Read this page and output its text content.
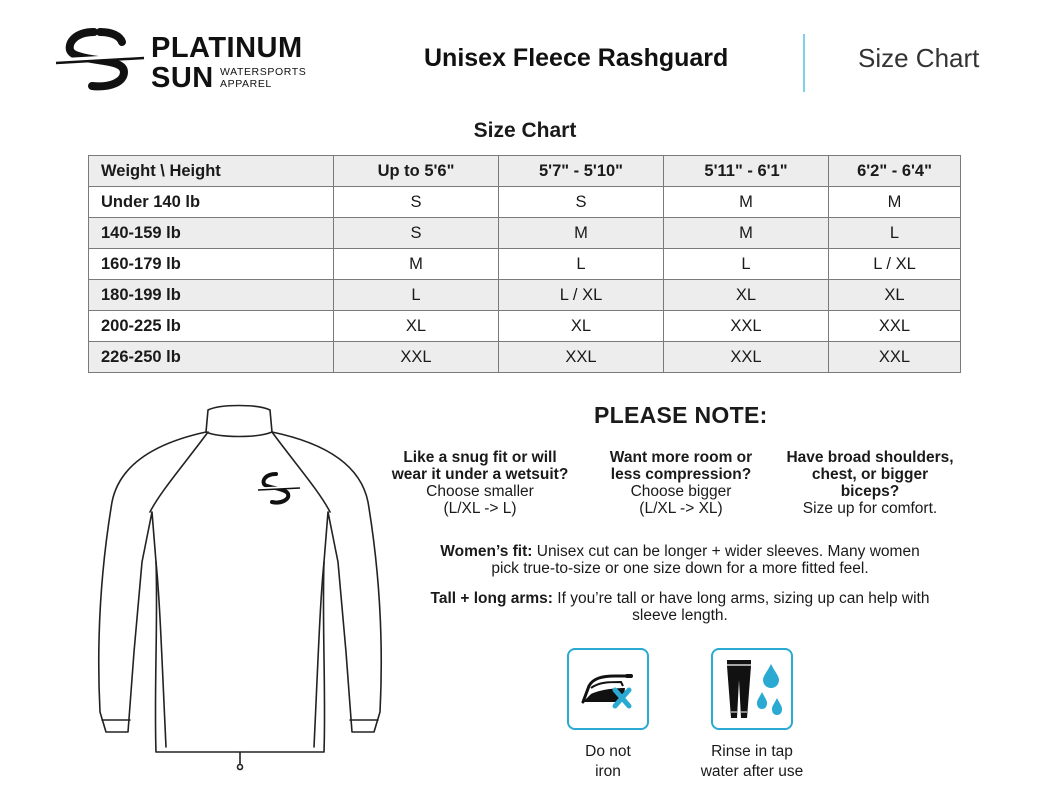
PLATINUM
SUN WATERSPORTS
APPAREL
Unisex Fleece Rashguard	Size Chart
Size Chart
Weight \ Height	Up to 5'6"	5'7" - 5'10"	5'11" - 6'1"	6'2" - 6'4"
Under 140 lb	S	S	M	M
140-159 lb	S	M	M	L
160-179 lb	M	L	L	L / XL
180-199 lb	L	L / XL	XL	XL
200-225 lb	XL	XL	XXL	XXL
226-250 lb	XXL	XXL	XXL	XXL
PLEASE NOTE:
Like a snug fit or will
wear it under a wetsuit?
Choose smaller
(L/XL -> L)
Want more room or
less compression?
Choose bigger
(L/XL -> XL)
Have broad shoulders,
chest, or bigger
biceps?
Size up for comfort.
Women’s fit: Unisex cut can be longer + wider sleeves. Many women
pick true-to-size or one size down for a more fitted feel.
Tall + long arms: If you’re tall or have long arms, sizing up can help with
sleeve length.
Do not
iron
Rinse in tap
water after use
